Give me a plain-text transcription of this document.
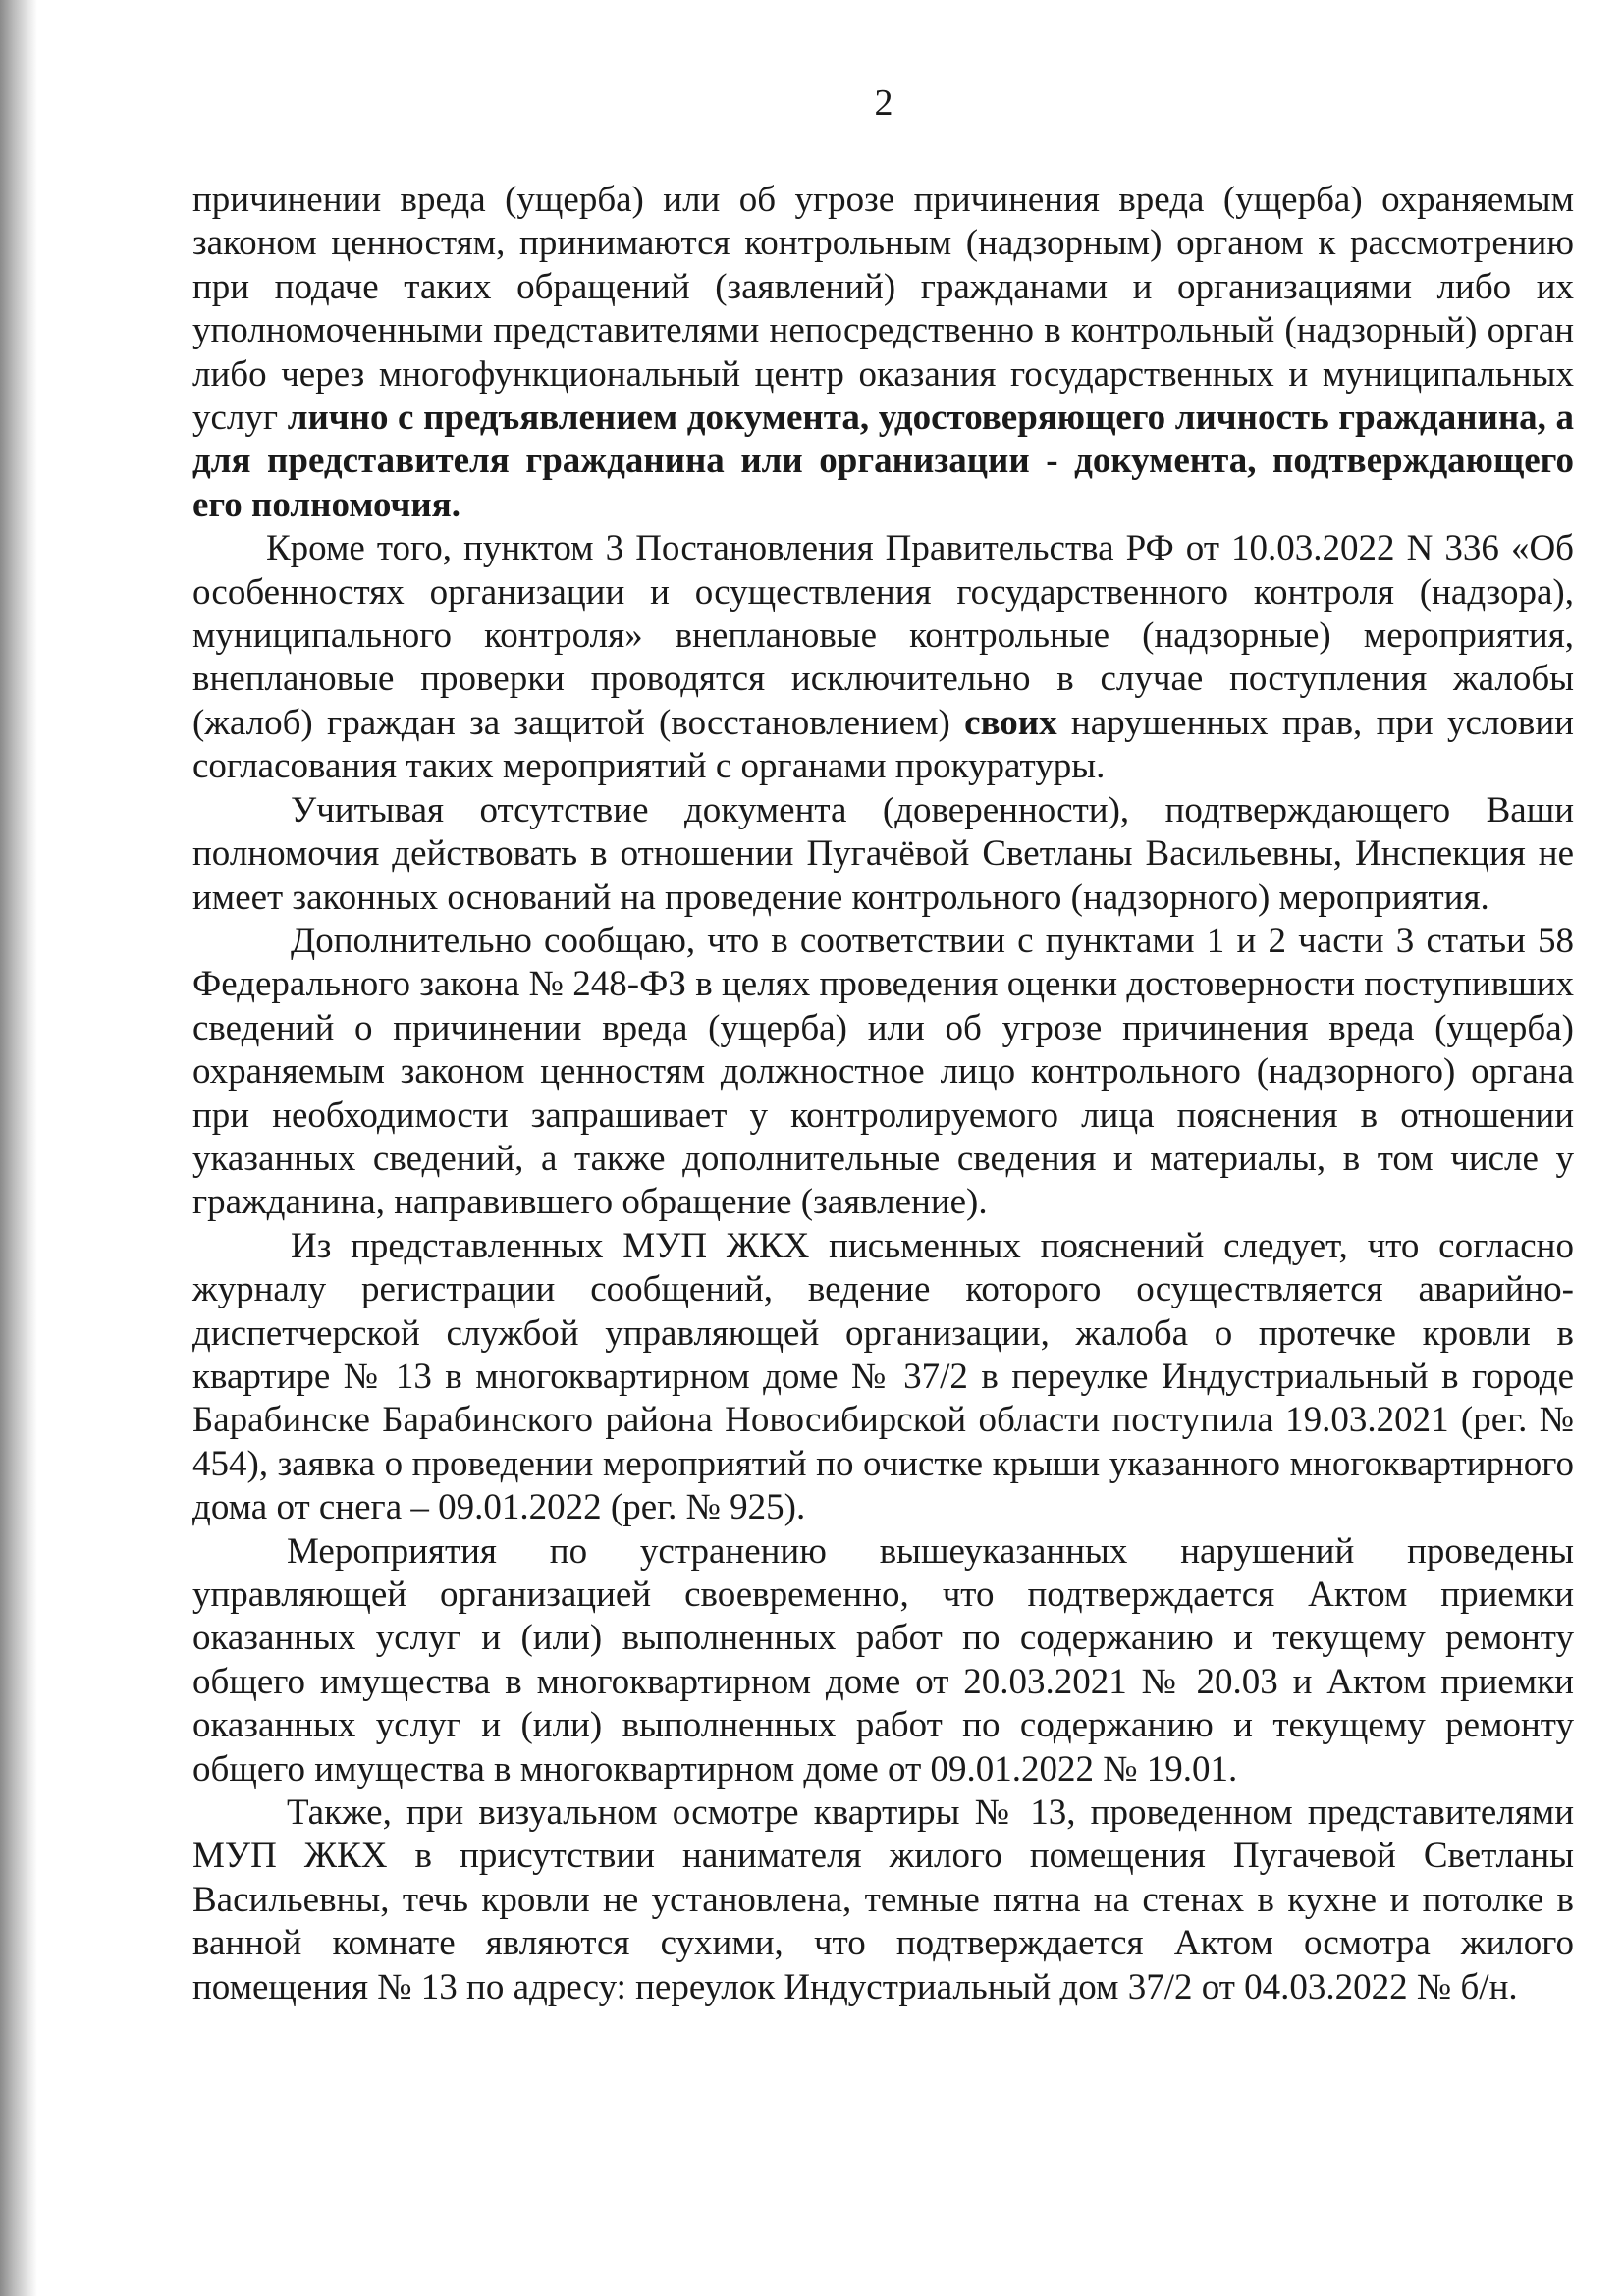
2

причинении вреда (ущерба) или об угрозе причинения вреда (ущерба) охраняемым законом ценностям, принимаются контрольным (надзорным) органом к рассмотрению при подаче таких обращений (заявлений) гражданами и организациями либо их уполномоченными представителями непосредственно в контрольный (надзорный) орган либо через многофункциональный центр оказания государственных и муниципальных услуг лично с предъявлением документа, удостоверяющего личность гражданина, а для представителя гражданина или организации - документа, подтверждающего его полномочия.

Кроме того, пунктом 3 Постановления Правительства РФ от 10.03.2022 N 336 «Об особенностях организации и осуществления государственного контроля (надзора), муниципального контроля» внеплановые контрольные (надзорные) мероприятия, внеплановые проверки проводятся исключительно в случае поступления жалобы (жалоб) граждан за защитой (восстановлением) своих нарушенных прав, при условии согласования таких мероприятий с органами прокуратуры.

Учитывая отсутствие документа (доверенности), подтверждающего Ваши полномочия действовать в отношении Пугачёвой Светланы Васильевны, Инспекция не имеет законных оснований на проведение контрольного (надзорного) мероприятия.

Дополнительно сообщаю, что в соответствии с пунктами 1 и 2 части 3 статьи 58 Федерального закона № 248-ФЗ в целях проведения оценки достоверности поступивших сведений о причинении вреда (ущерба) или об угрозе причинения вреда (ущерба) охраняемым законом ценностям должностное лицо контрольного (надзорного) органа при необходимости запрашивает у контролируемого лица пояснения в отношении указанных сведений, а также дополнительные сведения и материалы, в том числе у гражданина, направившего обращение (заявление).

Из представленных МУП ЖКХ письменных пояснений следует, что согласно журналу регистрации сообщений, ведение которого осуществляется аварийно-диспетчерской службой управляющей организации, жалоба о протечке кровли в квартире № 13 в многоквартирном доме № 37/2 в переулке Индустриальный в городе Барабинске Барабинского района Новосибирской области поступила 19.03.2021 (рег. № 454), заявка о проведении мероприятий по очистке крыши указанного многоквартирного дома от снега – 09.01.2022 (рег. № 925).

Мероприятия по устранению вышеуказанных нарушений проведены управляющей организацией своевременно, что подтверждается Актом приемки оказанных услуг и (или) выполненных работ по содержанию и текущему ремонту общего имущества в многоквартирном доме от 20.03.2021 № 20.03 и Актом приемки оказанных услуг и (или) выполненных работ по содержанию и текущему ремонту общего имущества в многоквартирном доме от 09.01.2022 № 19.01.

Также, при визуальном осмотре квартиры № 13, проведенном представителями МУП ЖКХ в присутствии нанимателя жилого помещения Пугачевой Светланы Васильевны, течь кровли не установлена, темные пятна на стенах в кухне и потолке в ванной комнате являются сухими, что подтверждается Актом осмотра жилого помещения № 13 по адресу: переулок Индустриальный дом 37/2 от 04.03.2022 № б/н.
